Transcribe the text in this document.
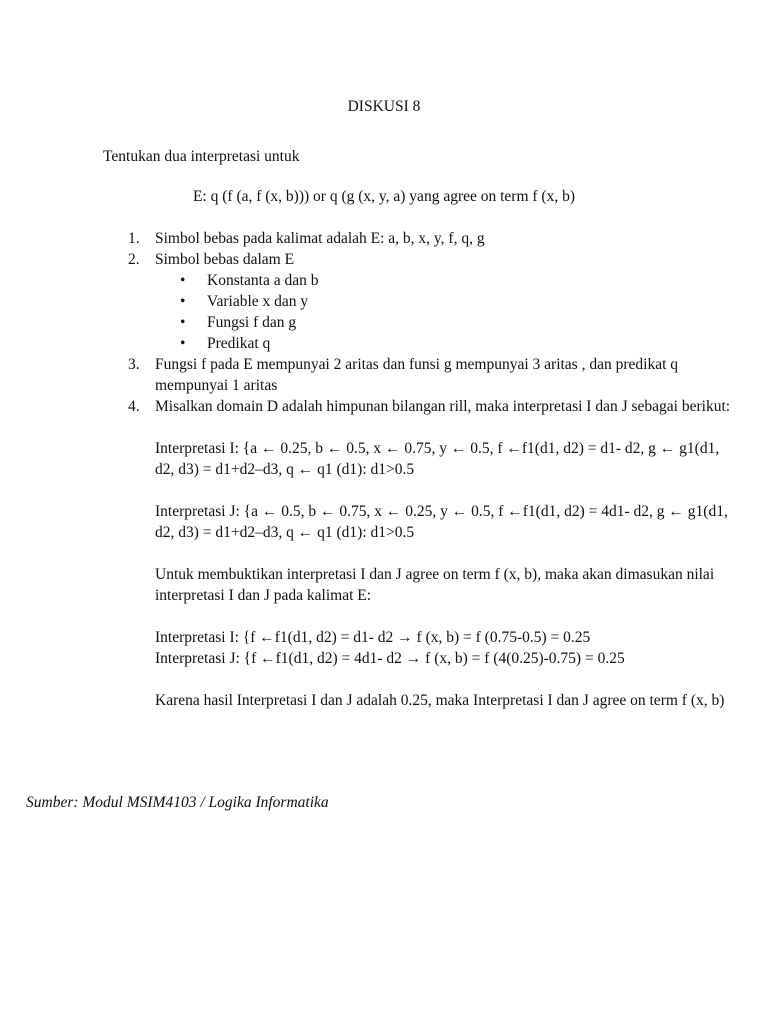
DISKUSI 8
Tentukan dua interpretasi untuk
E: q (f (a, f (x, b))) or q (g (x, y, a) yang agree on term f (x, b)
1. Simbol bebas pada kalimat adalah E: a, b, x, y, f, q, g
2. Simbol bebas dalam E
• Konstanta a dan b
• Variable x dan y
• Fungsi f dan g
• Predikat q
3. Fungsi f pada E mempunyai 2 aritas dan funsi g mempunyai 3 aritas , dan predikat q mempunyai 1 aritas
4. Misalkan domain D adalah himpunan bilangan rill, maka interpretasi I dan J sebagai berikut:
Interpretasi I: {a ← 0.25, b ← 0.5, x ← 0.75, y ← 0.5, f ←f1(d1, d2) = d1- d2, g ← g1(d1, d2, d3) = d1+d2–d3, q ← q1 (d1): d1>0.5
Interpretasi J: {a ← 0.5, b ← 0.75, x ← 0.25, y ← 0.5, f ←f1(d1, d2) = 4d1- d2, g ← g1(d1, d2, d3) = d1+d2–d3, q ← q1 (d1): d1>0.5
Untuk membuktikan interpretasi I dan J agree on term f (x, b), maka akan dimasukan nilai interpretasi I dan J pada kalimat E:
Interpretasi I: {f ←f1(d1, d2) = d1- d2 → f (x, b) = f (0.75-0.5) = 0.25
Interpretasi J: {f ←f1(d1, d2) = 4d1- d2 → f (x, b) = f (4(0.25)-0.75) = 0.25
Karena hasil Interpretasi I dan J adalah 0.25, maka Interpretasi I dan J agree on term f (x, b)
Sumber: Modul MSIM4103 / Logika Informatika
